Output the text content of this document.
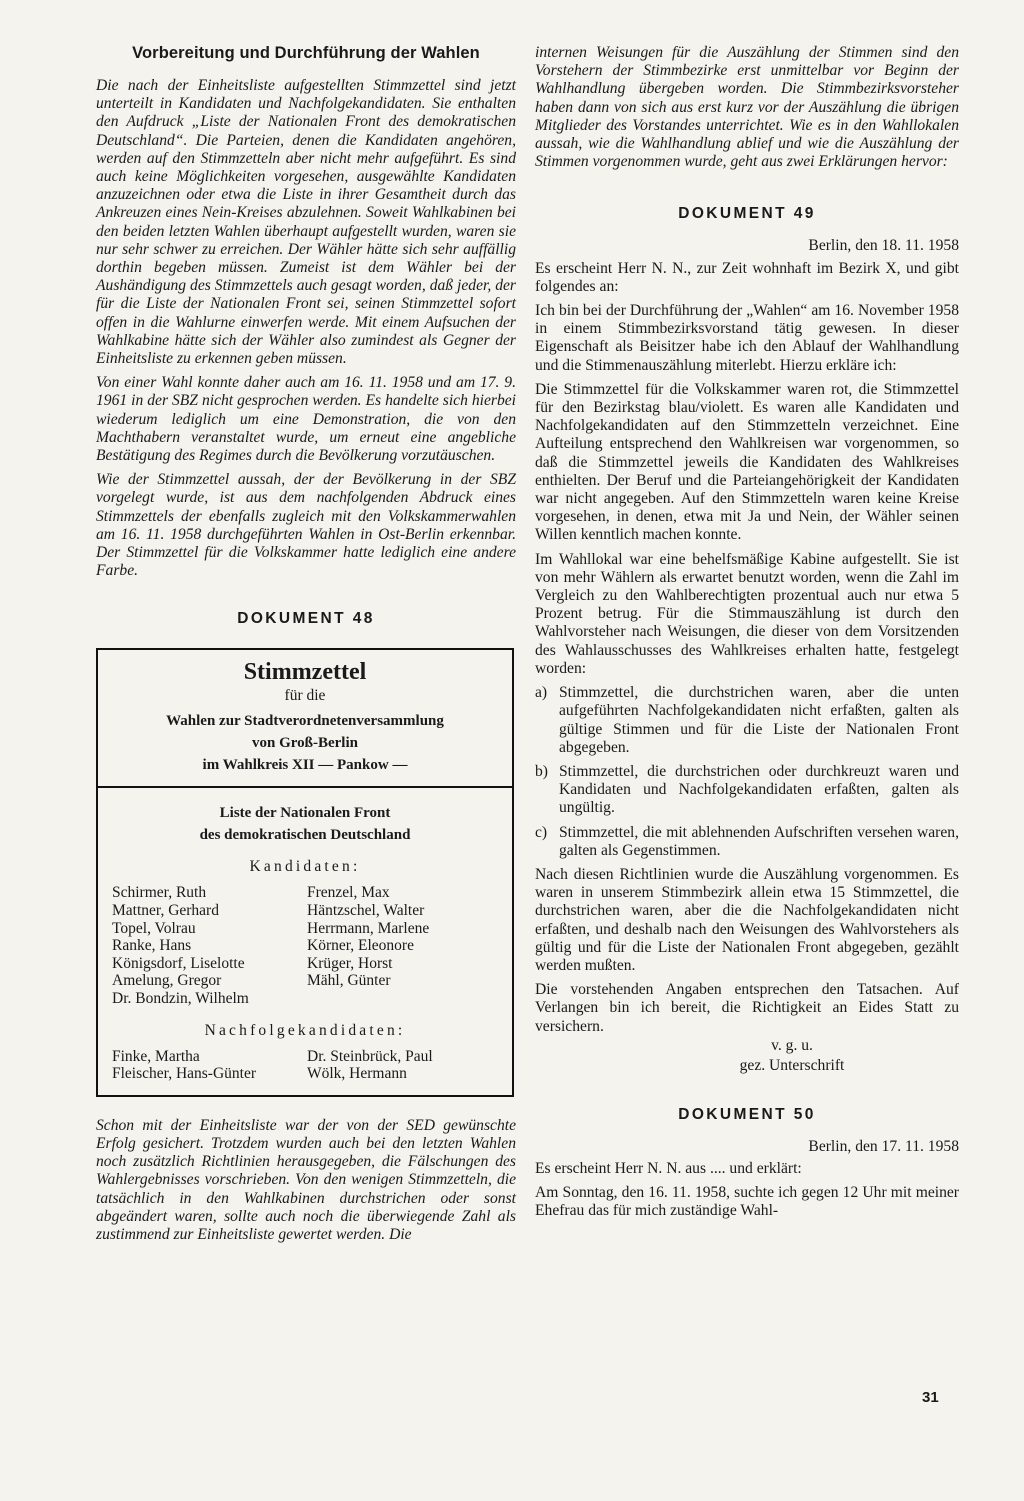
Vorbereitung und Durchführung der Wahlen

Die nach der Einheitsliste aufgestellten Stimmzettel sind jetzt unterteilt in Kandidaten und Nachfolgekandidaten. Sie enthalten den Aufdruck „Liste der Nationalen Front des demokratischen Deutschland“. Die Parteien, denen die Kandidaten angehören, werden auf den Stimmzetteln aber nicht mehr aufgeführt. Es sind auch keine Möglichkeiten vorgesehen, ausgewählte Kandidaten anzuzeichnen oder etwa die Liste in ihrer Gesamtheit durch das Ankreuzen eines Nein-Kreises abzulehnen. Soweit Wahlkabinen bei den beiden letzten Wahlen überhaupt aufgestellt wurden, waren sie nur sehr schwer zu erreichen. Der Wähler hätte sich sehr auffällig dorthin begeben müssen. Zumeist ist dem Wähler bei der Aushändigung des Stimmzettels auch gesagt worden, daß jeder, der für die Liste der Nationalen Front sei, seinen Stimmzettel sofort offen in die Wahlurne einwerfen werde. Mit einem Aufsuchen der Wahlkabine hätte sich der Wähler also zumindest als Gegner der Einheitsliste zu erkennen geben müssen.

Von einer Wahl konnte daher auch am 16. 11. 1958 und am 17. 9. 1961 in der SBZ nicht gesprochen werden. Es handelte sich hierbei wiederum lediglich um eine Demonstration, die von den Machthabern veranstaltet wurde, um erneut eine angebliche Bestätigung des Regimes durch die Bevölkerung vorzutäuschen.

Wie der Stimmzettel aussah, der der Bevölkerung in der SBZ vorgelegt wurde, ist aus dem nachfolgenden Abdruck eines Stimmzettels der ebenfalls zugleich mit den Volkskammerwahlen am 16. 11. 1958 durchgeführten Wahlen in Ost-Berlin erkennbar. Der Stimmzettel für die Volkskammer hatte lediglich eine andere Farbe.

DOKUMENT 48
Stimmzettel
für die
Wahlen zur Stadtverordnetenversammlung
von Groß-Berlin
im Wahlkreis XII — Pankow —
Liste der Nationalen Front
des demokratischen Deutschland
Kandidaten:
Schirmer, Ruth
Mattner, Gerhard
Topel, Volrau
Ranke, Hans
Königsdorf, Liselotte
Amelung, Gregor
Dr. Bondzin, Wilhelm
Frenzel, Max
Häntzschel, Walter
Herrmann, Marlene
Körner, Eleonore
Krüger, Horst
Mähl, Günter
Nachfolgekandidaten:
Finke, Martha
Fleischer, Hans-Günter
Dr. Steinbrück, Paul
Wölk, Hermann

Schon mit der Einheitsliste war der von der SED gewünschte Erfolg gesichert. Trotzdem wurden auch bei den letzten Wahlen noch zusätzlich Richtlinien herausgegeben, die Fälschungen des Wahlergebnisses vorschrieben. Von den wenigen Stimmzetteln, die tatsächlich in den Wahlkabinen durchstrichen oder sonst abgeändert waren, sollte auch noch die überwiegende Zahl als zustimmend zur Einheitsliste gewertet werden. Die

internen Weisungen für die Auszählung der Stimmen sind den Vorstehern der Stimmbezirke erst unmittelbar vor Beginn der Wahlhandlung übergeben worden. Die Stimmbezirksvorsteher haben dann von sich aus erst kurz vor der Auszählung die übrigen Mitglieder des Vorstandes unterrichtet. Wie es in den Wahllokalen aussah, wie die Wahlhandlung ablief und wie die Auszählung der Stimmen vorgenommen wurde, geht aus zwei Erklärungen hervor:

DOKUMENT 49
Berlin, den 18. 11. 1958

Es erscheint Herr N. N., zur Zeit wohnhaft im Bezirk X, und gibt folgendes an:

Ich bin bei der Durchführung der „Wahlen“ am 16. November 1958 in einem Stimmbezirksvorstand tätig gewesen. In dieser Eigenschaft als Beisitzer habe ich den Ablauf der Wahlhandlung und die Stimmenauszählung miterlebt. Hierzu erkläre ich:

Die Stimmzettel für die Volkskammer waren rot, die Stimmzettel für den Bezirkstag blau/violett. Es waren alle Kandidaten und Nachfolgekandidaten auf den Stimmzetteln verzeichnet. Eine Aufteilung entsprechend den Wahlkreisen war vorgenommen, so daß die Stimmzettel jeweils die Kandidaten des Wahlkreises enthielten. Der Beruf und die Parteiangehörigkeit der Kandidaten war nicht angegeben. Auf den Stimmzetteln waren keine Kreise vorgesehen, in denen, etwa mit Ja und Nein, der Wähler seinen Willen kenntlich machen konnte.

Im Wahllokal war eine behelfsmäßige Kabine aufgestellt. Sie ist von mehr Wählern als erwartet benutzt worden, wenn die Zahl im Vergleich zu den Wahlberechtigten prozentual auch nur etwa 5 Prozent betrug. Für die Stimmauszählung ist durch den Wahlvorsteher nach Weisungen, die dieser von dem Vorsitzenden des Wahlausschusses des Wahlkreises erhalten hatte, festgelegt worden:

a) Stimmzettel, die durchstrichen waren, aber die unten aufgeführten Nachfolgekandidaten nicht erfaßten, galten als gültige Stimmen und für die Liste der Nationalen Front abgegeben.
b) Stimmzettel, die durchstrichen oder durchkreuzt waren und Kandidaten und Nachfolgekandidaten erfaßten, galten als ungültig.
c) Stimmzettel, die mit ablehnenden Aufschriften versehen waren, galten als Gegenstimmen.

Nach diesen Richtlinien wurde die Auszählung vorgenommen. Es waren in unserem Stimmbezirk allein etwa 15 Stimmzettel, die durchstrichen waren, aber die die Nachfolgekandidaten nicht erfaßten, und deshalb nach den Weisungen des Wahlvorstehers als gültig und für die Liste der Nationalen Front abgegeben, gezählt werden mußten.

Die vorstehenden Angaben entsprechen den Tatsachen. Auf Verlangen bin ich bereit, die Richtigkeit an Eides Statt zu versichern.

v. g. u.
gez. Unterschrift
DOKUMENT 50
Berlin, den 17. 11. 1958

Es erscheint Herr N. N. aus .... und erklärt:

Am Sonntag, den 16. 11. 1958, suchte ich gegen 12 Uhr mit meiner Ehefrau das für mich zuständige Wahl-

31
